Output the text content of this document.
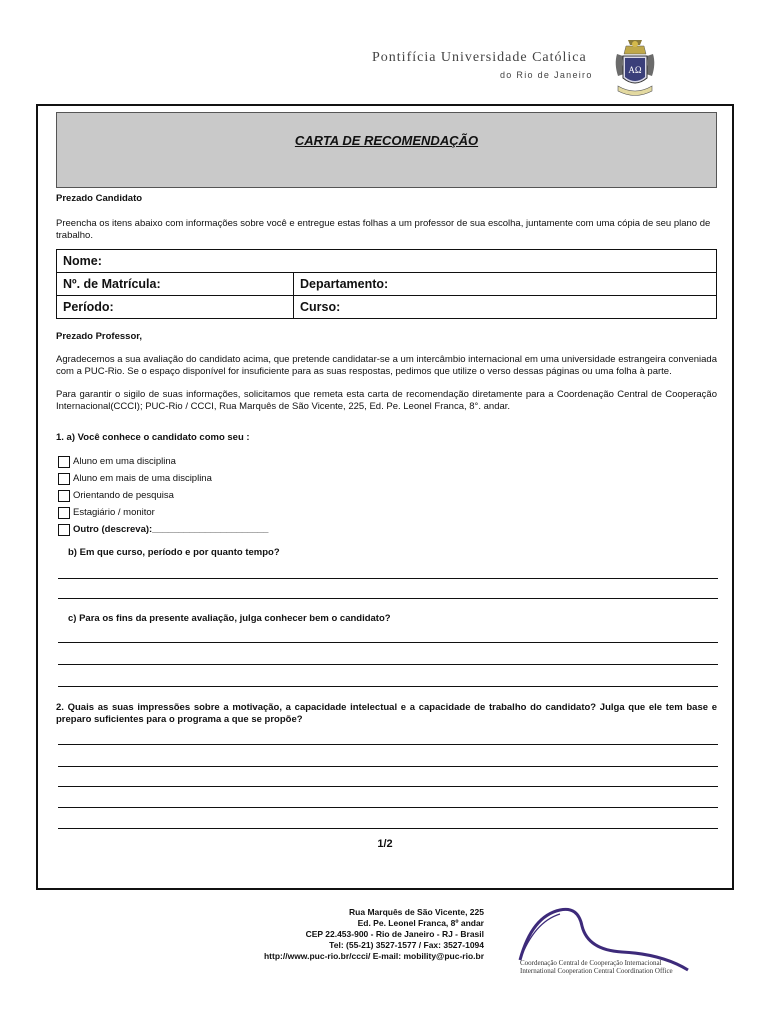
Pontifícia Universidade Católica
do Rio de Janeiro	AΩ
CARTA DE RECOMENDAÇÃO
Prezado Candidato
Preencha os itens abaixo com informações sobre você e entregue estas folhas a um professor de sua escolha, juntamente com uma cópia de seu plano de trabalho.
Nome:	
Nº. de Matrícula:	Departamento:
Período:	Curso:
Prezado Professor,
Agradecemos a sua avaliação do candidato acima, que pretende candidatar-se a um intercâmbio internacional em uma universidade estrangeira conveniada com a PUC-Rio. Se o espaço disponível for insuficiente para as suas respostas, pedimos que utilize o verso dessas páginas ou uma folha à parte.
Para garantir o sigilo de suas informações, solicitamos que remeta esta carta de recomendação diretamente para a Coordenação Central de Cooperação Internacional(CCCI); PUC-Rio / CCCI, Rua Marquês de São Vicente, 225, Ed. Pe. Leonel Franca, 8°. andar.
1. a) Você conhece o candidato como seu :
Aluno em uma disciplina
Aluno em mais de uma disciplina
Orientando de pesquisa
Estagiário / monitor
Outro (descreva):______________________
b) Em que curso, período e por quanto tempo?
c) Para os fins da presente avaliação, julga conhecer bem o candidato?
2. Quais as suas impressões sobre a motivação, a capacidade intelectual e a capacidade de trabalho do candidato? Julga que ele tem base e preparo suficientes para o programa a que se propõe?
1/2
Rua Marquês de São Vicente, 225
Ed. Pe. Leonel Franca, 8º andar
CEP 22.453-900 - Rio de Janeiro - RJ - Brasil
Tel: (55-21) 3527-1577 / Fax: 3527-1094
http://www.puc-rio.br/ccci/ E-mail: mobility@puc-rio.br
Coordenação Central de Cooperação Internacional
International Cooperation Central Coordination Office
